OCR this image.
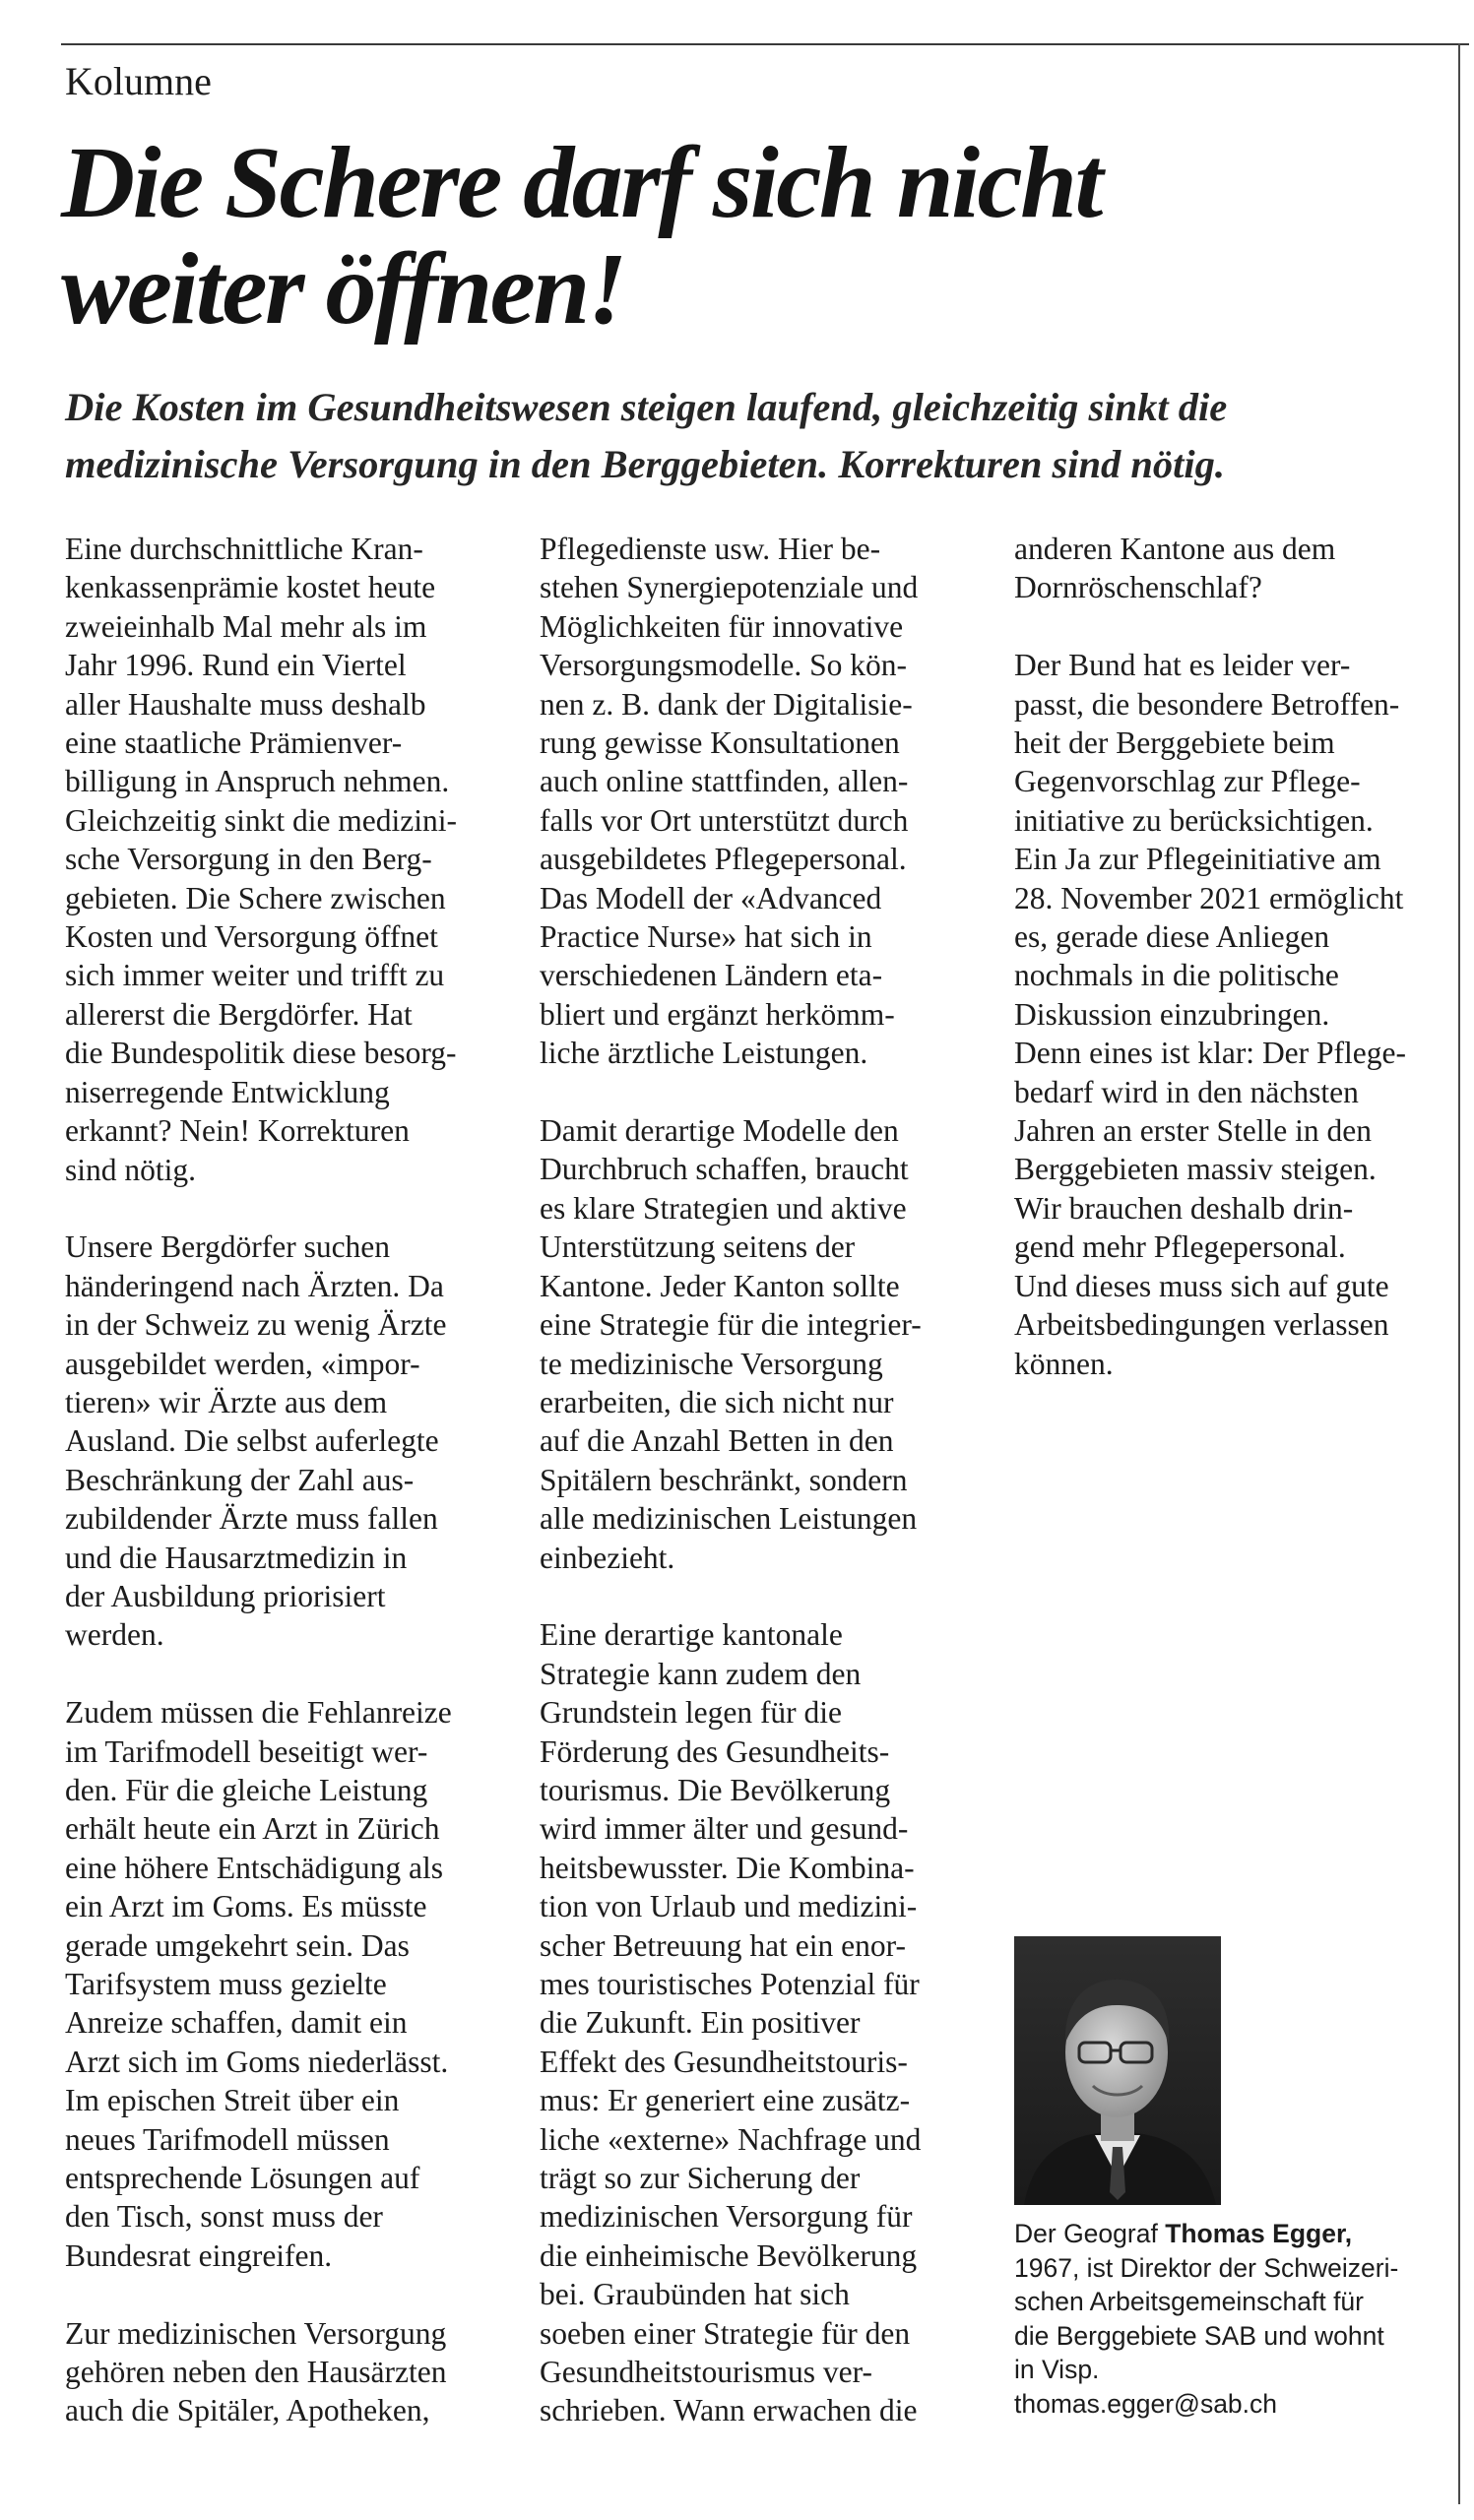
Kolumne
Die Schere darf sich nicht weiter öffnen!

Die Kosten im Gesundheitswesen steigen laufend, gleichzeitig sinkt die medizinische Versorgung in den Berggebieten. Korrekturen sind nötig.

Eine durchschnittliche Kran-
kenkassenprämie kostet heute
zweieinhalb Mal mehr als im
Jahr 1996. Rund ein Viertel
aller Haushalte muss deshalb
eine staatliche Prämienver-
billigung in Anspruch nehmen.
Gleichzeitig sinkt die medizini-
sche Versorgung in den Berg-
gebieten. Die Schere zwischen
Kosten und Versorgung öffnet
sich immer weiter und trifft zu
allererst die Bergdörfer. Hat
die Bundespolitik diese besorg-
niserregende Entwicklung
erkannt? Nein! Korrekturen
sind nötig.

Unsere Bergdörfer suchen
händeringend nach Ärzten. Da
in der Schweiz zu wenig Ärzte
ausgebildet werden, «impor-
tieren» wir Ärzte aus dem
Ausland. Die selbst auferlegte
Beschränkung der Zahl aus-
zubildender Ärzte muss fallen
und die Hausarztmedizin in
der Ausbildung priorisiert
werden.

Zudem müssen die Fehlanreize
im Tarifmodell beseitigt wer-
den. Für die gleiche Leistung
erhält heute ein Arzt in Zürich
eine höhere Entschädigung als
ein Arzt im Goms. Es müsste
gerade umgekehrt sein. Das
Tarifsystem muss gezielte
Anreize schaffen, damit ein
Arzt sich im Goms niederlässt.
Im epischen Streit über ein
neues Tarifmodell müssen
entsprechende Lösungen auf
den Tisch, sonst muss der
Bundesrat eingreifen.

Zur medizinischen Versorgung
gehören neben den Hausärzten
auch die Spitäler, Apotheken,

Pflegedienste usw. Hier be-
stehen Synergiepotenziale und
Möglichkeiten für innovative
Versorgungsmodelle. So kön-
nen z. B. dank der Digitalisie-
rung gewisse Konsultationen
auch online stattfinden, allen-
falls vor Ort unterstützt durch
ausgebildetes Pflegepersonal.
Das Modell der «Advanced
Practice Nurse» hat sich in
verschiedenen Ländern eta-
bliert und ergänzt herkömm-
liche ärztliche Leistungen.

Damit derartige Modelle den
Durchbruch schaffen, braucht
es klare Strategien und aktive
Unterstützung seitens der
Kantone. Jeder Kanton sollte
eine Strategie für die integrier-
te medizinische Versorgung
erarbeiten, die sich nicht nur
auf die Anzahl Betten in den
Spitälern beschränkt, sondern
alle medizinischen Leistungen
einbezieht.

Eine derartige kantonale
Strategie kann zudem den
Grundstein legen für die
Förderung des Gesundheits-
tourismus. Die Bevölkerung
wird immer älter und gesund-
heitsbewusster. Die Kombina-
tion von Urlaub und medizini-
scher Betreuung hat ein enor-
mes touristisches Potenzial für
die Zukunft. Ein positiver
Effekt des Gesundheitstouris-
mus: Er generiert eine zusätz-
liche «externe» Nachfrage und
trägt so zur Sicherung der
medizinischen Versorgung für
die einheimische Bevölkerung
bei. Graubünden hat sich
soeben einer Strategie für den
Gesundheitstourismus ver-
schrieben. Wann erwachen die

anderen Kantone aus dem
Dornröschenschlaf?

Der Bund hat es leider ver-
passt, die besondere Betroffen-
heit der Berggebiete beim
Gegenvorschlag zur Pflege-
initiative zu berücksichtigen.
Ein Ja zur Pflegeinitiative am
28. November 2021 ermöglicht
es, gerade diese Anliegen
nochmals in die politische
Diskussion einzubringen.
Denn eines ist klar: Der Pflege-
bedarf wird in den nächsten
Jahren an erster Stelle in den
Berggebieten massiv steigen.
Wir brauchen deshalb drin-
gend mehr Pflegepersonal.
Und dieses muss sich auf gute
Arbeitsbedingungen verlassen
können.

Der Geograf Thomas Egger,
1967, ist Direktor der Schweizeri-
schen Arbeitsgemeinschaft für
die Berggebiete SAB und wohnt
in Visp.
thomas.egger@sab.ch
